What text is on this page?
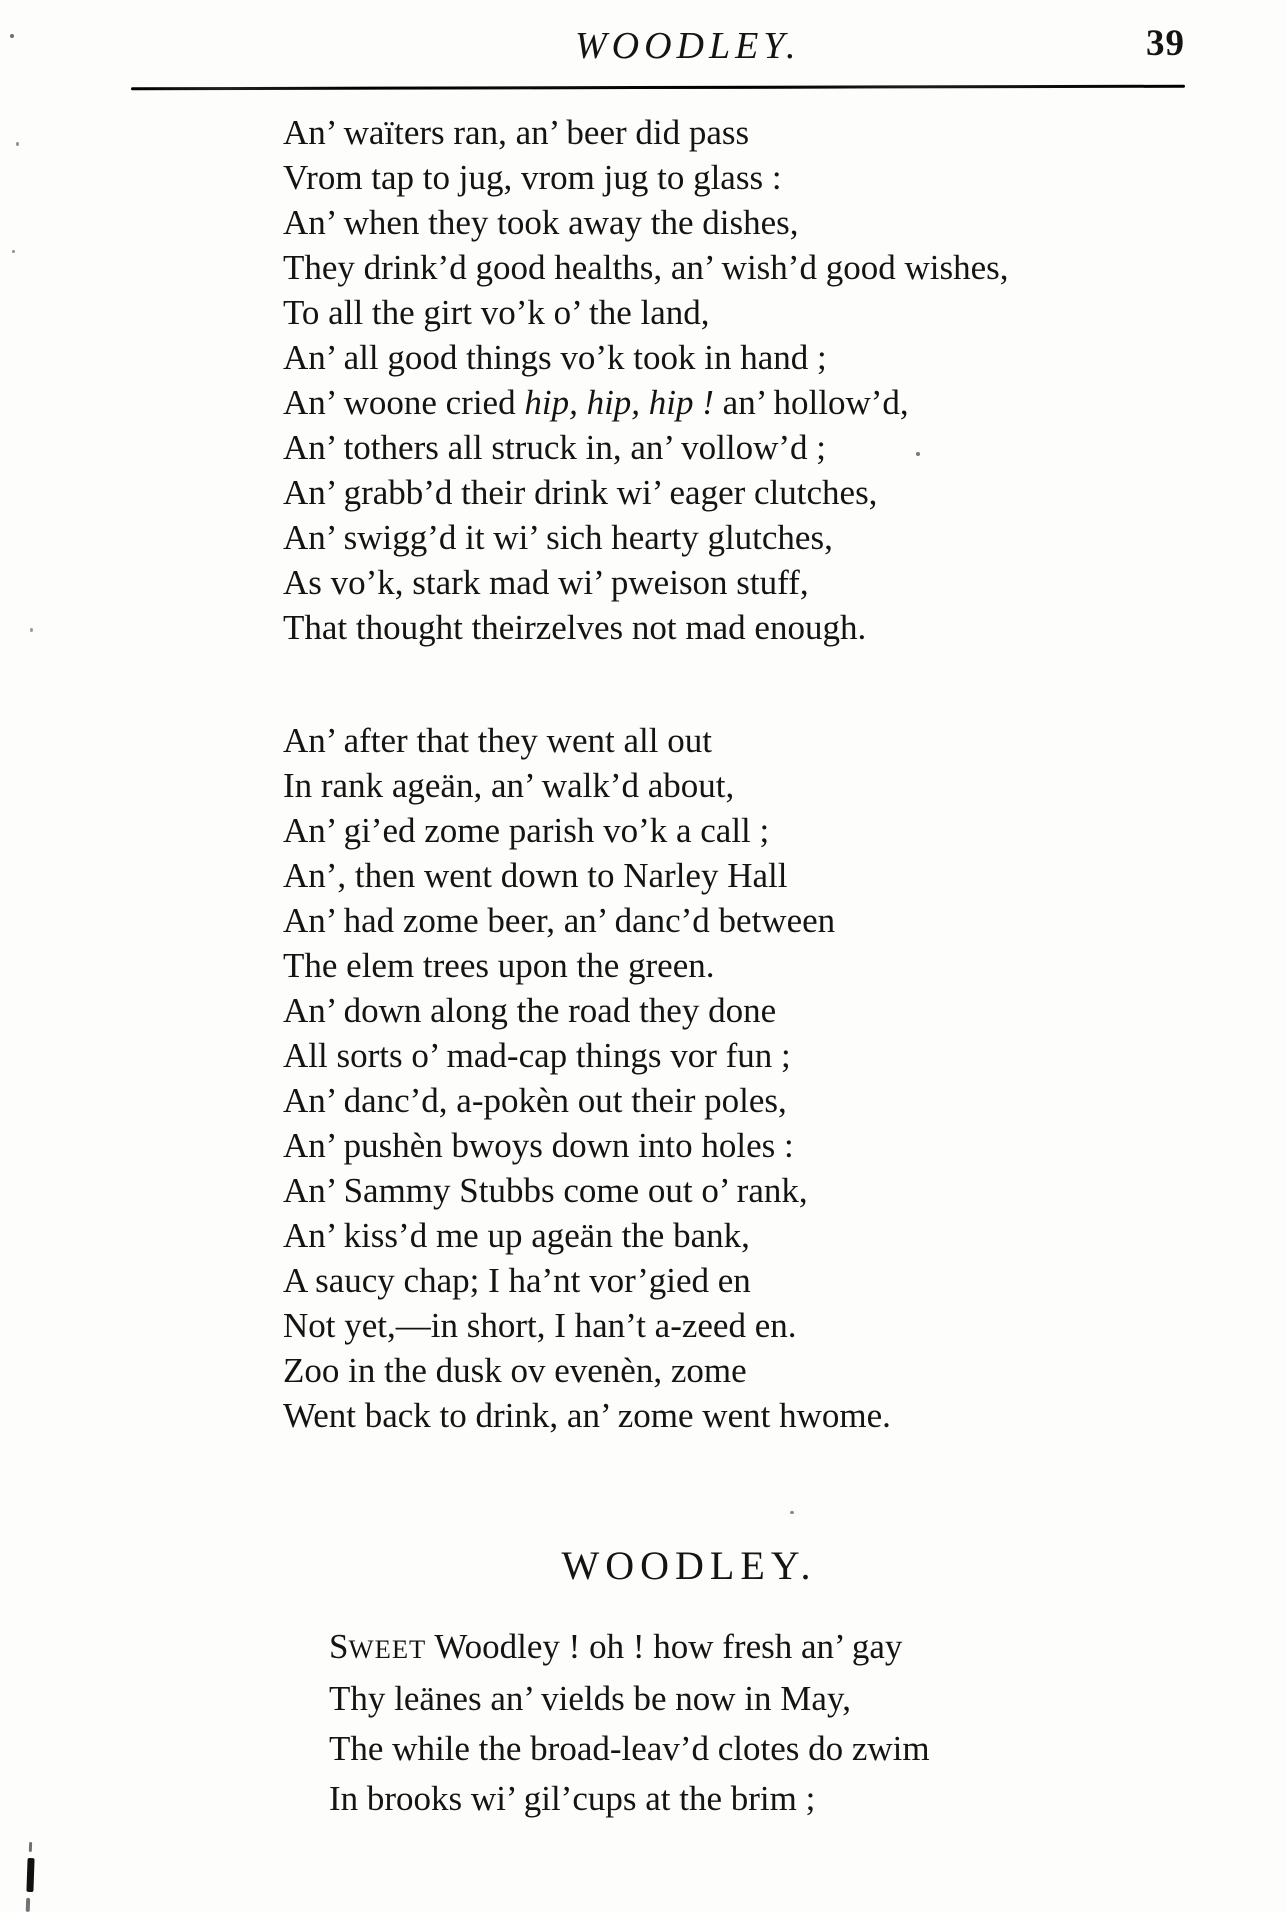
WOODLEY.	39
An’ waïters ran, an’ beer did pass
Vrom tap to jug, vrom jug to glass :
An’ when they took away the dishes,
They drink’d good healths, an’ wish’d good wishes,
To all the girt vo’k o’ the land,
An’ all good things vo’k took in hand ;
An’ woone cried hip, hip, hip ! an’ hollow’d,
An’ tothers all struck in, an’ vollow’d ;
An’ grabb’d their drink wi’ eager clutches,
An’ swigg’d it wi’ sich hearty glutches,
As vo’k, stark mad wi’ pweison stuff,
That thought theirzelves not mad enough.
An’ after that they went all out
In rank ageän, an’ walk’d about,
An’ gi’ed zome parish vo’k a call ;
An’, then went down to Narley Hall
An’ had zome beer, an’ danc’d between
The elem trees upon the green.
An’ down along the road they done
All sorts o’ mad-cap things vor fun ;
An’ danc’d, a-pokèn out their poles,
An’ pushèn bwoys down into holes :
An’ Sammy Stubbs come out o’ rank,
An’ kiss’d me up ageän the bank,
A saucy chap; I ha’nt vor’gied en
Not yet,—in short, I han’t a-zeed en.
Zoo in the dusk ov evenèn, zome
Went back to drink, an’ zome went hwome.
WOODLEY.
SWEET Woodley ! oh ! how fresh an’ gay
Thy leänes an’ vields be now in May,
The while the broad-leav’d clotes do zwim
In brooks wi’ gil’cups at the brim ;
